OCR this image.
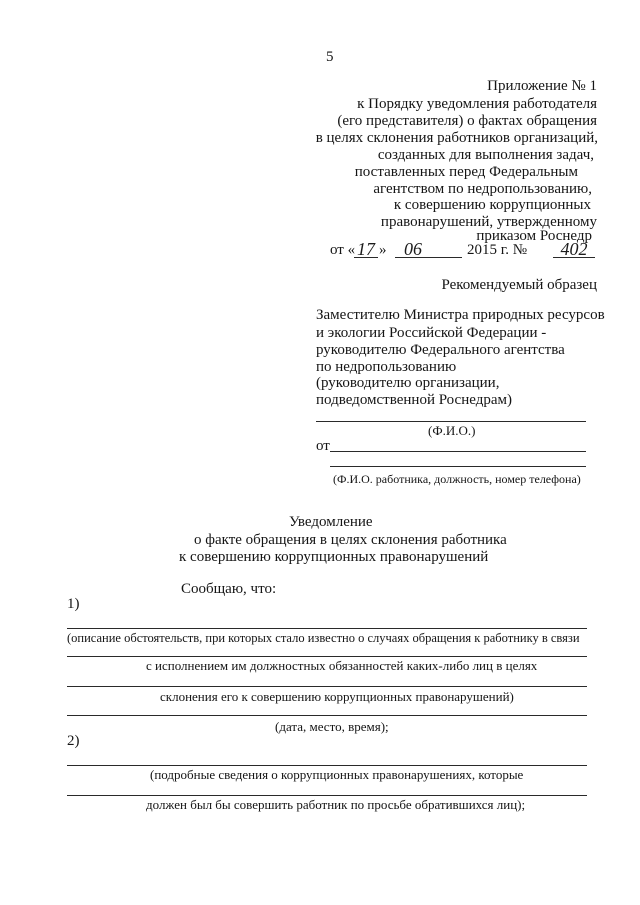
5
Приложение № 1
к Порядку уведомления работодателя
(его представителя) о фактах обращения
в целях склонения работников организаций,
созданных для выполнения задач,
поставленных перед Федеральным
агентством по недропользованию,
к совершению коррупционных
правонарушений, утвержденному
приказом Роснедр
от « 17 » 06	2015 г. №	402
Рекомендуемый образец
Заместителю Министра природных ресурсов
и экологии Российской Федерации -
руководителю Федерального агентства
по недропользованию
(руководителю организации,
подведомственной Роснедрам)
(Ф.И.О.)
от
(Ф.И.О. работника, должность, номер телефона)
Уведомление
о факте обращения в целях склонения работника
к совершению коррупционных правонарушений
Сообщаю, что:
1)
(описание обстоятельств, при которых стало известно о случаях обращения к работнику в связи
с исполнением им должностных обязанностей каких-либо лиц в целях
склонения его к совершению коррупционных правонарушений)
(дата, место, время);
2)
(подробные сведения о коррупционных правонарушениях, которые
должен был бы совершить работник по просьбе обратившихся лиц);
